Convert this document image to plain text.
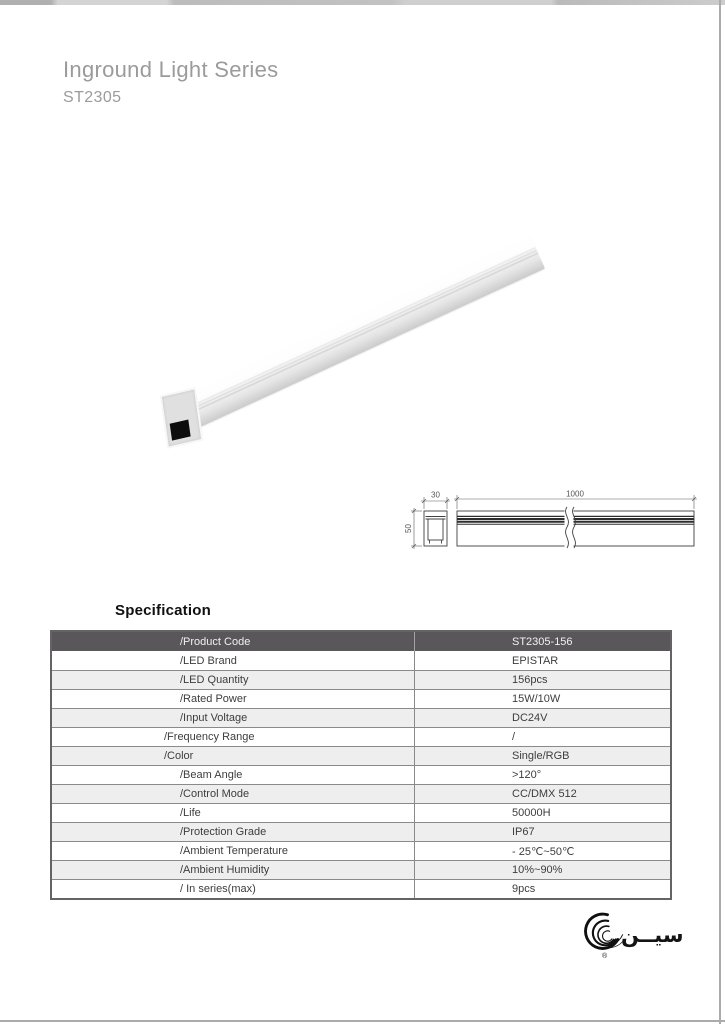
Inground Light Series
ST2305
30
50
1000
Specification
/Product Code	ST2305-156
/LED Brand	EPISTAR
/LED Quantity	156pcs
/Rated Power	15W/10W
/Input Voltage	DC24V
/Frequency Range	/
/Color	Single/RGB
/Beam Angle	>120°
/Control Mode	CC/DMX 512
/Life	50000H
/Protection Grade	IP67
/Ambient Temperature	- 25℃~50℃
/Ambient Humidity	10%~90%
/ In series(max)	9pcs
®
سيــن
